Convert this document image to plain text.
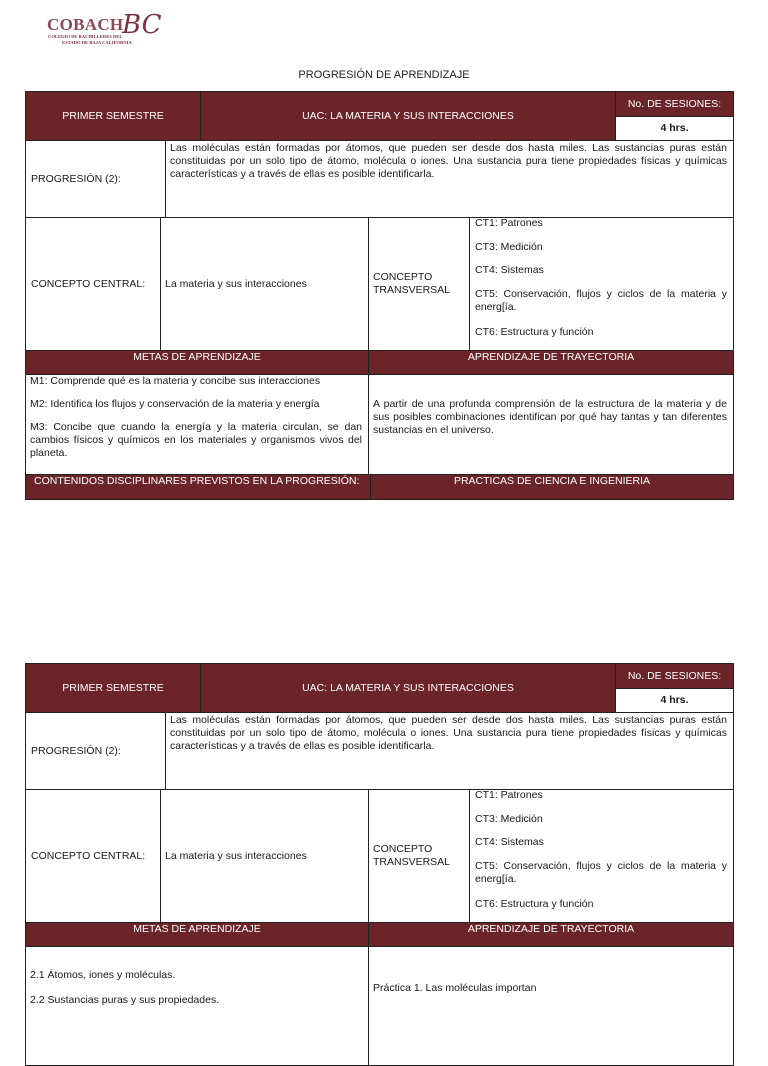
COBACH
BC
COLEGIO DE BACHILLERES DEL
ESTADO DE BAJA CALIFORNIA
PROGRESIÓN DE APRENDIZAJE
PRIMER SEMESTRE	UAC: LA MATERIA Y SUS INTERACCIONES
No. DE SESIONES:
4 hrs.
PROGRESIÓN (2):
Las moléculas están formadas por átomos, que pueden ser desde dos hasta miles. Las sustancias puras están constituidas por un solo tipo de átomo, molécula o iones. Una sustancia pura tiene propiedades físicas y químicas características y a través de ellas es posible identificarla.
CONCEPTO CENTRAL: La materia y sus interacciones
CONCEPTO TRANSVERSAL
CT1: Patrones
CT3: Medición
CT4: Sistemas
CT5: Conservación, flujos y ciclos de la materia y energ[ía.
CT6: Estructura y función
METAS DE APRENDIZAJE	APRENDIZAJE DE TRAYECTORIA
M1: Comprende qué es la materia y concibe sus interacciones
M2: Identifica los flujos y conservación de la materia y energía
M3: Concibe que cuando la energía y la materia circulan, se dan cambios físicos y químicos en los materiales y organismos vivos del planeta.
A partir de una profunda comprensión de la estructura de la materia y de sus posibles combinaciones identifican por qué hay tantas y tan diferentes sustancias en el universo.
CONTENIDOS DISCIPLINARES PREVISTOS EN LA PROGRESIÓN:	PRACTICAS DE CIENCIA E INGENIERIA
PRIMER SEMESTRE	UAC: LA MATERIA Y SUS INTERACCIONES
No. DE SESIONES:
4 hrs.
PROGRESIÓN (2):
Las moléculas están formadas por átomos, que pueden ser desde dos hasta miles. Las sustancias puras están constituidas por un solo tipo de átomo, molécula o iones. Una sustancia pura tiene propiedades físicas y químicas características y a través de ellas es posible identificarla.
CONCEPTO CENTRAL: La materia y sus interacciones
CONCEPTO TRANSVERSAL
CT1: Patrones
CT3: Medición
CT4: Sistemas
CT5: Conservación, flujos y ciclos de la materia y energ[ía.
CT6: Estructura y función
METAS DE APRENDIZAJE	APRENDIZAJE DE TRAYECTORIA
2.1 Átomos, iones y moléculas.
2.2 Sustancias puras y sus propiedades.
Práctica 1. Las moléculas importan
